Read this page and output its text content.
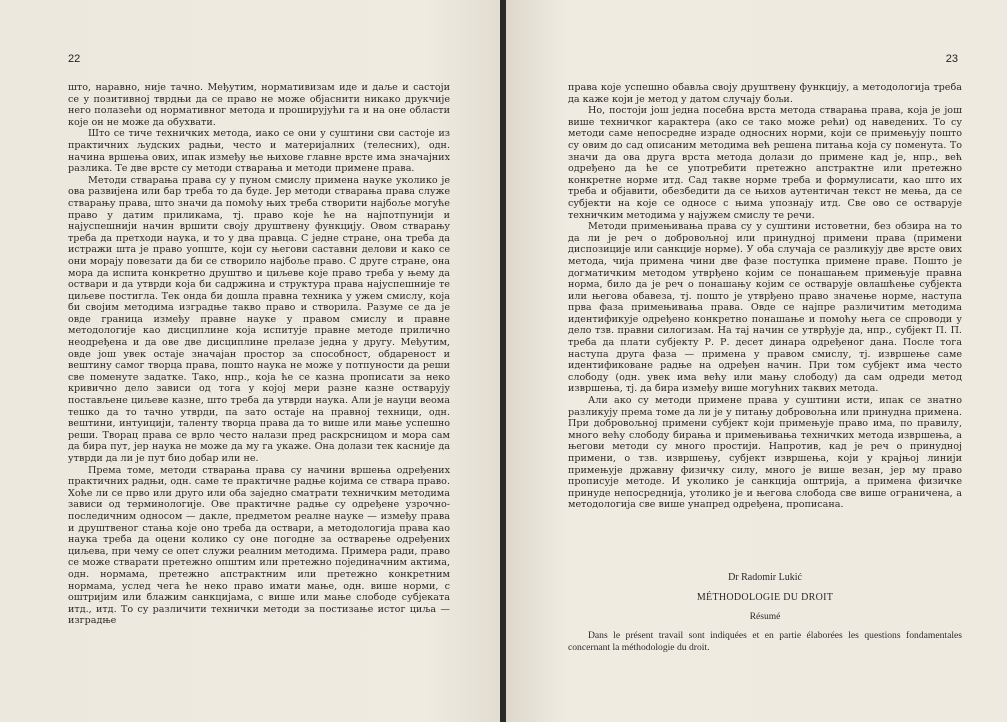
22

што, наравно, није тачно. Међутим, нормативизам иде и даље и састоји се у позитивној тврдњи да се право не може објаснити никако друкчије него полазећи од нормативног метода и проширујући га и на оне области које он не може да обухвати.

Што се тиче техничких метода, иако се они у суштини сви састоје из практичних људских радњи, често и материјалних (телесних), одн. начина вршења ових, ипак између ње њихове главне врсте има значајних разлика. Те две врсте су методи стварања и методи примене права.

Методи стварања права су у пуном смислу примена науке уколико је ова развијена или бар треба то да буде. Јер методи стварања права служе стварању права, што значи да помоћу њих треба створити најбоље могуће право у датим приликама, тј. право које ће на најпотпунији и најуспешнији начин вршити своју друштвену функцију. Овом стварању треба да претходи наука, и то у два правца. С једне стране, она треба да истражи шта је право уопште, који су његови саставни делови и како се они морају повезати да би се створило најбоље право. С друге стране, она мора да испита конкретно друштво и циљеве које право треба у њему да оствари и да утврди која би садржина и структура права најуспешније те циљеве постигла. Тек онда би дошла правна техника у ужем смислу, која би својим методима изградње такво право и створила. Разуме се да је овде граница између правне науке у правом смислу и правне методологије као дисциплине која испитује правне методе прилично неодређена и да ове две дисциплине прелазе једна у другу. Међутим, овде још увек остаје значајан простор за способност, обдареност и вештину самог творца права, пошто наука не може у потпуности да реши све поменуте задатке. Тако, нпр., која ће се казна прописати за неко кривично дело зависи од тога у којој мери разне казне остварују постављене циљеве казне, што треба да утврди наука. Али је науци веома тешко да то тачно утврди, па зато остаје на правној техници, одн. вештини, интуицији, таленту творца права да то више или мање успешно реши. Творац права се врло често налази пред раскрсницом и мора сам да бира пут, јер наука не може да му га укаже. Она долази тек касније да утврди да ли је пут био добар или не.

Према томе, методи стварања права су начини вршења одређених практичних радњи, одн. саме те практичне радње којима се ствара право. Хоће ли се прво или друго или оба заједно сматрати техничким методима зависи од терминологије. Ове практичне радње су одређене узрочно-последичним односом — дакле, предметом реалне науке — између права и друштвеног стања које оно треба да оствари, а методологија права као наука треба да оцени колико су оне погодне за остварење одређених циљева, при чему се опет служи реалним методима. Примера ради, право се може стварати претежно општим или претежно појединачним актима, одн. нормама, претежно апстрактним или претежно конкретним нормама, услед чега ће неко право имати мање, одн. више норми, с оштријим или блажим санкцијама, с више или мање слободе субјеката итд., итд. То су различити технички методи за постизање истог циља — изградње

23

права које успешно обавља своју друштвену функцију, а методологија треба да каже који је метод у датом случају бољи.

Но, постоји још једна посебна врста метода стварања права, која је још више техничког карактера (ако се тако може рећи) од наведених. То су методи саме непосредне израде односних норми, који се примењују пошто су овим до сад описаним методима већ решена питања која су поменута. То значи да ова друга врста метода долази до примене кад је, нпр., већ одређено да ће се употребити претежно апстрактне или претежно конкретне норме итд. Сад такве норме треба и формулисати, као што их треба и објавити, обезбедити да се њихов аутентичан текст не мења, да се субјекти на које се односе с њима упознају итд. Све ово се остварује техничким методима у најужем смислу те речи.

Методи примењивања права су у суштини истоветни, без обзира на то да ли је реч о добровољној или принудној примени права (примени диспозиције или санкције норме). У оба случаја се разликују две врсте ових метода, чија примена чини две фазе поступка примене праве. Пошто је догматичким методом утврђено којим се понашањем примењује правна норма, било да је реч о понашању којим се остварује овлашћење субјекта или његова обавеза, тј. пошто је утврђено право значење норме, наступа прва фаза примењивања права. Овде се најпре различитим методима идентификује одређено конкретно понашање и помоћу њега се спроводи у дело тзв. правни силогизам. На тај начин се утврђује да, нпр., субјект П. П. треба да плати субјекту Р. Р. десет динара одређеног дана. После тога наступа друга фаза — примена у правом смислу, тј. извршење саме идентификоване радње на одређен начин. При том субјект има често слободу (одн. увек има већу или мању слободу) да сам одреди метод извршења, тј. да бира између више могућних таквих метода.

Али ако су методи примене права у суштини исти, ипак се знатно разликују према томе да ли је у питању добровољна или принудна примена. При добровољној примени субјект који примењује право има, по правилу, много већу слободу бирања и примењивања техничких метода извршења, а његови методи су много простији. Напротив, кад је реч о принудној примени, о тзв. извршењу, субјект извршења, који у крајњој линији примењује државну физичку силу, много је више везан, јер му право прописује методе. И уколико је санкција оштрија, а примена физичке принуде непосреднија, утолико је и његова слобода све више ограничена, а методологија све више унапред одређена, прописана.

Dr Radomir Lukić
MÉTHODOLOGIE DU DROIT
Résumé
Dans le présent travail sont indiquées et en partie élaborées les questions fondamentales concernant la méthodologie du droit.
